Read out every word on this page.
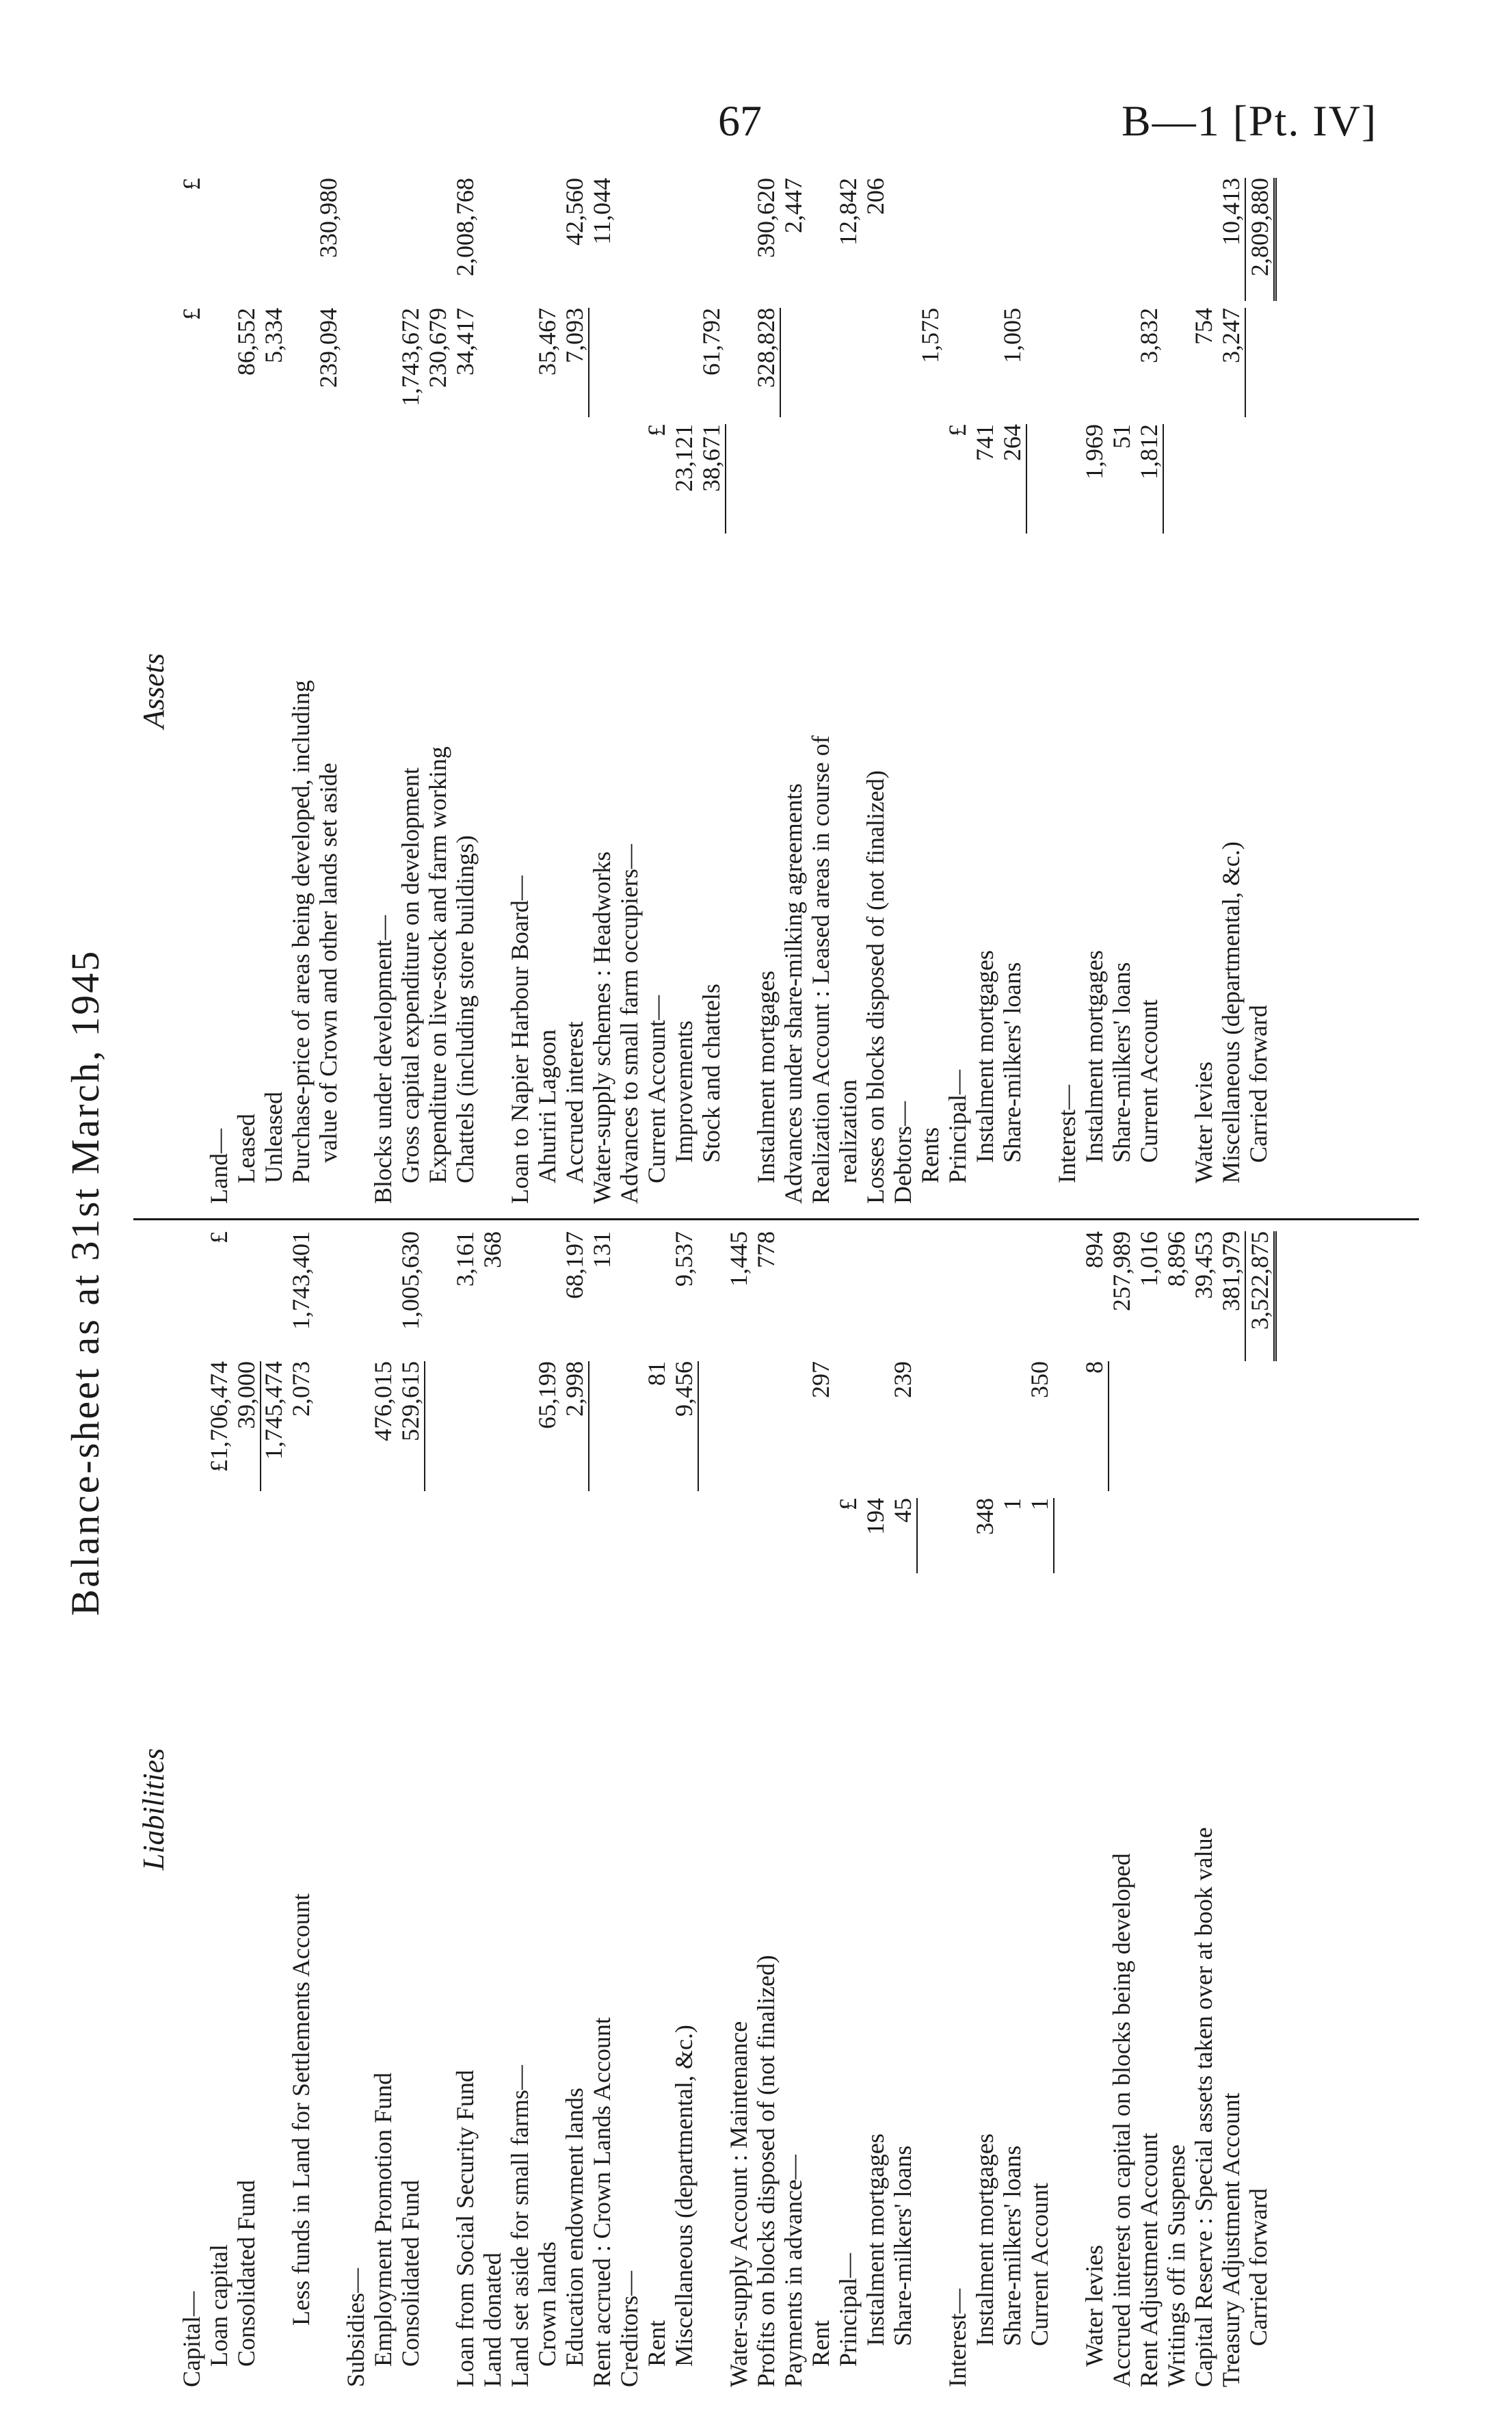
67	B—1 [Pt. IV]
Balance-sheet as at 31st March, 1945
Liabilities
Capital— Loan capital
£1,706,474
£
Consolidated Fund
39,000 1,745,474
Less funds in Land for Settlements Account
2,073
1,743,401
Subsidies— Employment Promotion Fund
476,015
Consolidated Fund
529,615
1,005,630
Loan from Social Security Fund
3,161
Land donated
368
Land set aside for small farms— Crown lands
65,199
Education endowment lands
2,998
68,197
Rent accrued : Crown Lands Account
131
Creditors— Rent
81
Miscellaneous (departmental, &c.)
9,456
9,537
Water-supply Account : Maintenance
1,445
Profits on blocks disposed of (not finalized)
778
Payments in advance— Rent
297
Principal—
£
Instalment mortgages
194
Share-milkers' loans
45
239
Interest— Instalment mortgages
348
Share-milkers' loans
1
Current Account
1
350
Water levies
8
894
Accrued interest on capital on blocks being developed
257,989
Rent Adjustment Account
1,016
Writings off in Suspense
8,896
Capital Reserve : Special assets taken over at book value
39,453
Treasury Adjustment Account
381,979
Carried forward
3,522,875
Assets
£
£
Land— Leased
86,552
Unleased
5,334
Purchase-price of areas being developed, including value of Crown and other lands set aside
239,094
330,980
Blocks under development— Gross capital expenditure on development
1,743,672
Expenditure on live-stock and farm working
230,679
Chattels (including store buildings)
34,417
2,008,768
Loan to Napier Harbour Board— Ahuriri Lagoon
35,467
Accrued interest
7,093
42,560
Water-supply schemes : Headworks
11,044
Advances to small farm occupiers— Current Account—
£
Improvements
23,121
Stock and chattels
38,671
61,792
Instalment mortgages
328,828
390,620
Advances under share-milking agreements
2,447
Realization Account : Leased areas in course of realization
12,842
Losses on blocks disposed of (not finalized)
206
Debtors— Rents
1,575
Principal—
£
Instalment mortgages
741
Share-milkers' loans
264
1,005
Interest— Instalment mortgages
1,969
Share-milkers' loans
51
Current Account
1,812
3,832
Water levies
754
Miscellaneous (departmental, &c.)
3,247
10,413
Carried forward
2,809,880
